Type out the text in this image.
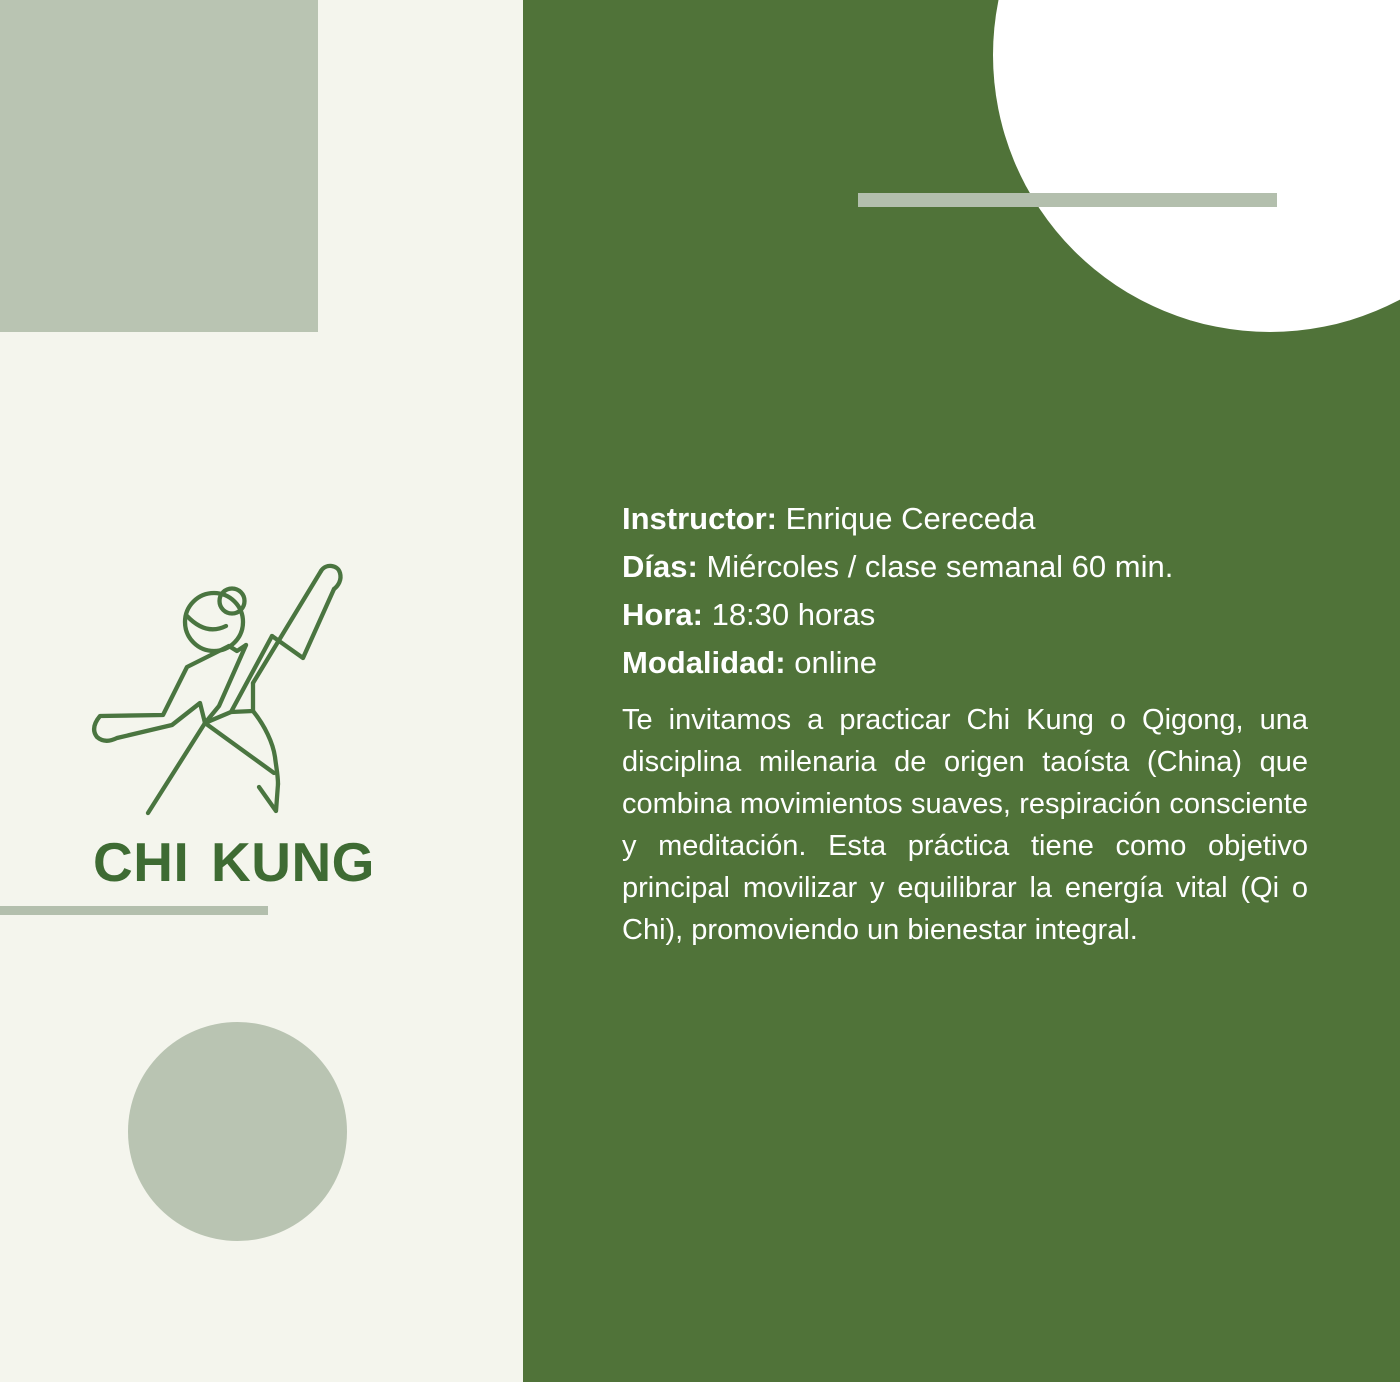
CHI KUNG
Instructor: Enrique Cereceda
Días: Miércoles / clase semanal 60 min.
Hora: 18:30 horas
Modalidad: online
Te invitamos a practicar Chi Kung o Qigong, una disciplina milenaria de origen taoísta (China) que combina movimientos suaves, respiración consciente y meditación. Esta práctica tiene como objetivo principal movilizar y equilibrar la energía vital (Qi o Chi), promoviendo un bienestar integral.
